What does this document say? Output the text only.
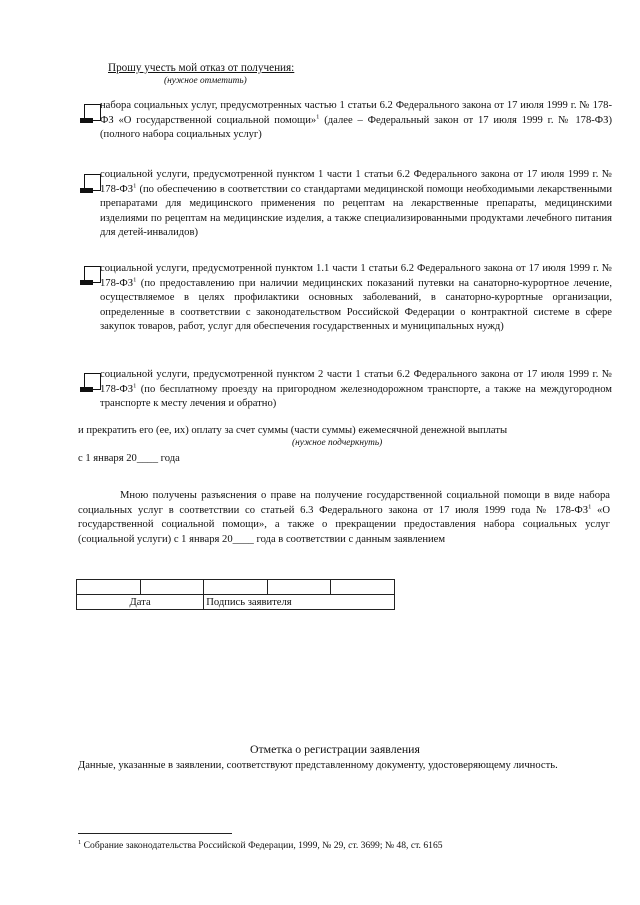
Прошу учесть мой отказ от получения:
(нужное отметить)
набора социальных услуг, предусмотренных частью 1 статьи 6.2 Федерального закона от 17 июля 1999 г. № 178-ФЗ «О государственной социальной помощи»$^1$ (далее – Федеральный закон от 17 июля 1999 г. № 178-ФЗ) (полного набора социальных услуг)
социальной услуги, предусмотренной пунктом 1 части 1 статьи 6.2 Федерального закона от 17 июля 1999 г. № $178-ФЗ^1$ (по обеспечению в соответствии со стандартами медицинской помощи необходимыми лекарственными препаратами для медицинского применения по рецептам на лекарственные препараты, медицинскими изделиями по рецептам на медицинские изделия, а также специализированными продуктами лечебного питания для детей-инвалидов)
социальной услуги, предусмотренной пунктом 1.1 части 1 статьи 6.2 Федерального закона от 17 июля 1999 г. № $178-ФЗ^1$ (по предоставлению при наличии медицинских показаний путевки на санаторно-курортное лечение, осуществляемое в целях профилактики основных заболеваний, в санаторно-курортные организации, определенные в соответствии с законодательством Российской Федерации о контрактной системе в сфере закупок товаров, работ, услуг для обеспечения государственных и муниципальных нужд)
социальной услуги, предусмотренной пунктом 2 части 1 статьи 6.2 Федерального закона от 17 июля 1999 г. № $178-ФЗ^1$ (по бесплатному проезду на пригородном железнодорожном транспорте, а также на междугородном транспорте к месту лечения и обратно)
и прекратить его (ее, их) оплату за счет суммы (части суммы) ежемесячной денежной выплаты
(нужное подчеркнуть)
с 1 января 20____ года
Мною получены разъяснения о праве на получение государственной социальной помощи в виде набора социальных услуг в соответствии со статьей 6.3 Федерального закона от 17 июля 1999 года № $178-ФЗ^1$ «О государственной социальной помощи», а также о прекращении предоставления набора социальных услуг (социальной услуги) с 1 января 20____ года в соответствии с данным заявлением

Дата		Подпись заявителя		
Отметка о регистрации заявления
Данные, указанные в заявлении, соответствуют представленному документу, удостоверяющему личность.
$^1$ Собрание законодательства Российской Федерации, 1999, № 29, ст. 3699; № 48, ст. 6165
